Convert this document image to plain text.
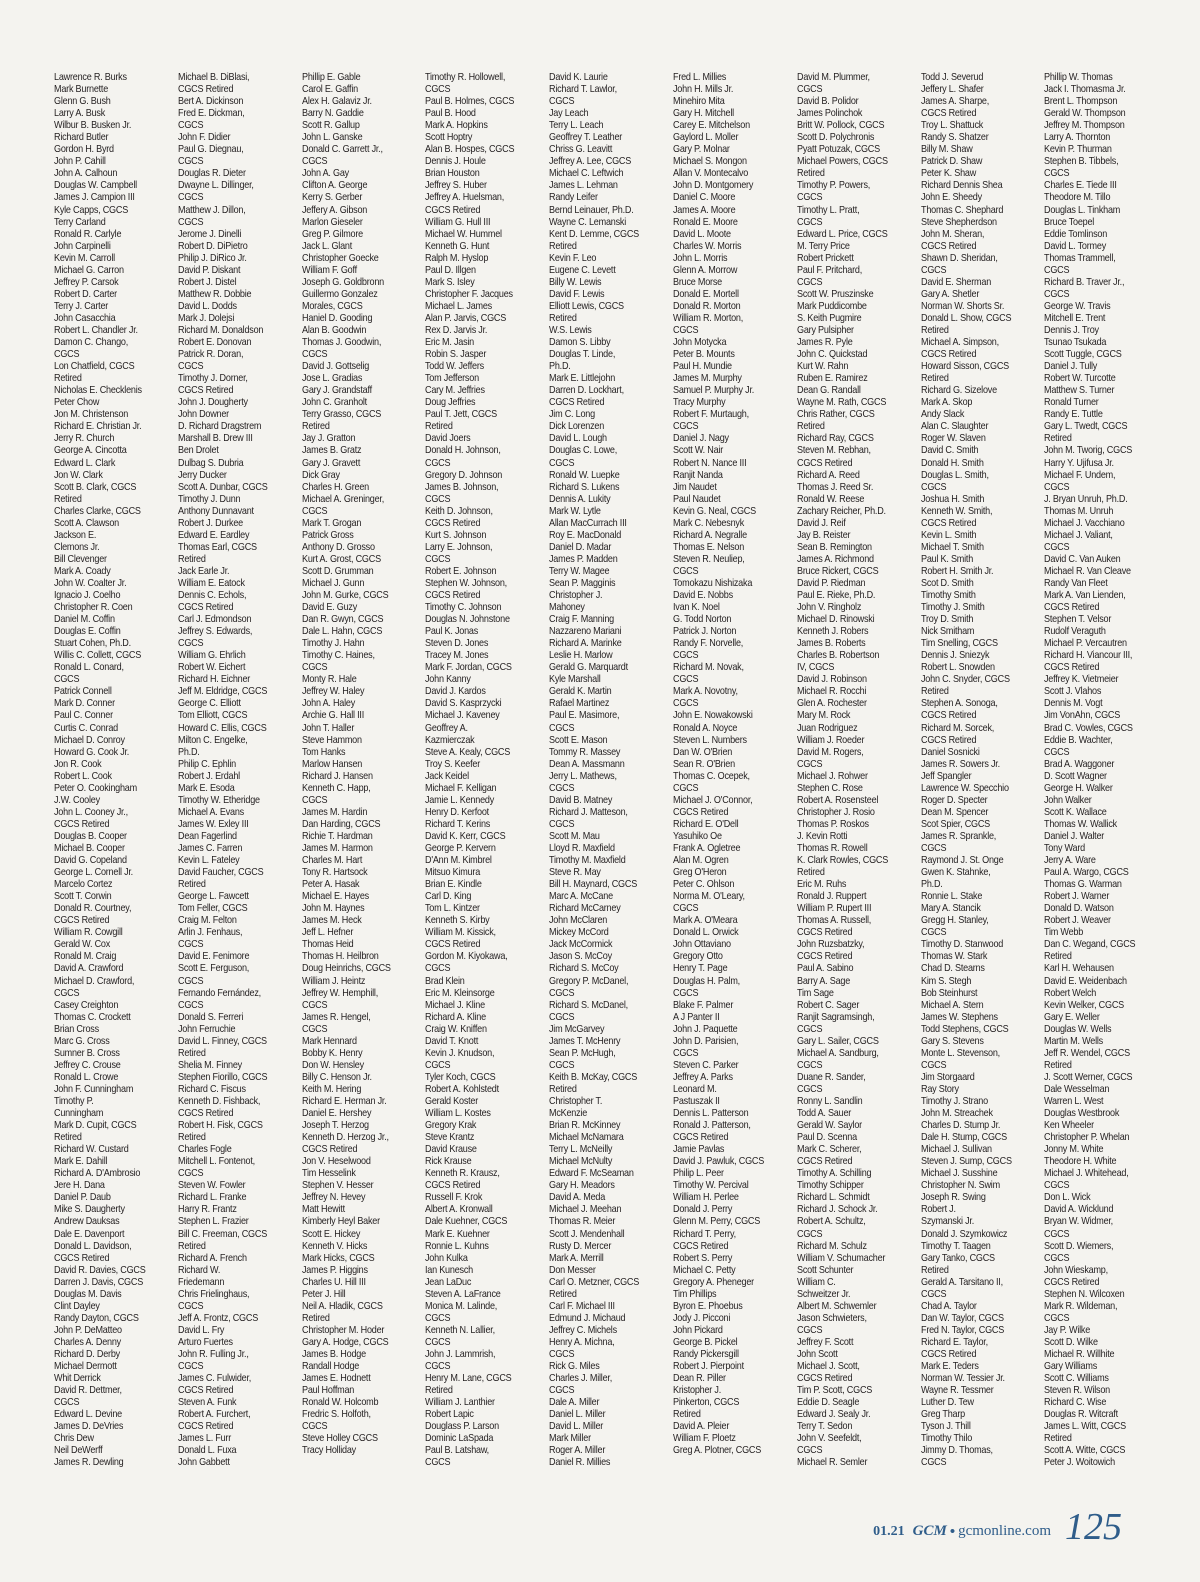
Lawrence R. Burks
Mark Burnette
Glenn G. Bush
Larry A. Busk
Wilbur B. Busken Jr.
Richard Butler
Gordon H. Byrd
John P. Cahill
John A. Calhoun
Douglas W. Campbell
James J. Campion III
Kyle Capps, CGCS
Terry Carland
Ronald R. Carlyle
John Carpinelli
Kevin M. Carroll
Michael G. Carron
Jeffrey P. Carsok
Robert D. Carter
Terry J. Carter
John Casacchia
Robert L. Chandler Jr.
Damon C. Chango,
CGCS
Lon Chatfield, CGCS
Retired
Nicholas E. Checklenis
Peter Chow
Jon M. Christenson
Richard E. Christian Jr.
Jerry R. Church
George A. Cincotta
Edward L. Clark
Jon W. Clark
Scott B. Clark, CGCS
Retired
Charles Clarke, CGCS
Scott A. Clawson
Jackson E.
Clemons Jr.
Bill Clevenger
Mark A. Coady
John W. Coalter Jr.
Ignacio J. Coelho
Christopher R. Coen
Daniel M. Coffin
Douglas E. Coffin
Stuart Cohen, Ph.D.
Willis C. Collett, CGCS
Ronald L. Conard,
CGCS
Patrick Connell
Mark D. Conner
Paul C. Conner
Curtis C. Conrad
Michael D. Conroy
Howard G. Cook Jr.
Jon R. Cook
Robert L. Cook
Peter O. Cookingham
J.W. Cooley
John L. Cooney Jr.,
CGCS Retired
Douglas B. Cooper
Michael B. Cooper
David G. Copeland
George L. Cornell Jr.
Marcelo Cortez
Scott T. Corwin
Donald R. Courtney,
CGCS Retired
William R. Cowgill
Gerald W. Cox
Ronald M. Craig
David A. Crawford
Michael D. Crawford,
CGCS
Casey Creighton
Thomas C. Crockett
Brian Cross
Marc G. Cross
Sumner B. Cross
Jeffrey C. Crouse
Ronald L. Crowe
John F. Cunningham
Timothy P.
Cunningham
Mark D. Cupit, CGCS
Retired
Richard W. Custard
Mark E. Dahill
Richard A. D'Ambrosio
Jere H. Dana
Daniel P. Daub
Mike S. Daugherty
Andrew Dauksas
Dale E. Davenport
Donald L. Davidson,
CGCS Retired
David R. Davies, CGCS
Darren J. Davis, CGCS
Douglas M. Davis
Clint Dayley
Randy Dayton, CGCS
John P. DeMatteo
Charles A. Denny
Richard D. Derby
Michael Dermott
Whit Derrick
David R. Dettmer,
CGCS
Edward L. Devine
James D. DeVries
Chris Dew
Neil DeWerff
James R. Dewling
Michael B. DiBlasi,
CGCS Retired
Bert A. Dickinson
Fred E. Dickman,
CGCS
John F. Didier
Paul G. Diegnau,
CGCS
Douglas R. Dieter
Dwayne L. Dillinger,
CGCS
Matthew J. Dillon,
CGCS
Jerome J. Dinelli
Robert D. DiPietro
Philip J. DiRico Jr.
David P. Diskant
Robert J. Distel
Matthew R. Dobbie
David L. Dodds
Mark J. Dolejsi
Richard M. Donaldson
Robert E. Donovan
Patrick R. Doran,
CGCS
Timothy J. Dorner,
CGCS Retired
John J. Dougherty
John Downer
D. Richard Dragstrem
Marshall B. Drew III
Ben Drolet
Dulbag S. Dubria
Jerry Ducker
Scott A. Dunbar, CGCS
Timothy J. Dunn
Anthony Dunnavant
Robert J. Durkee
Edward E. Eardley
Thomas Earl, CGCS
Retired
Jack Earle Jr.
William E. Eatock
Dennis C. Echols,
CGCS Retired
Carl J. Edmondson
Jeffrey S. Edwards,
CGCS
William G. Ehrlich
Robert W. Eichert
Richard H. Eichner
Jeff M. Eldridge, CGCS
George C. Elliott
Tom Elliott, CGCS
Howard C. Ellis, CGCS
Milton C. Engelke,
Ph.D.
Philip C. Ephlin
Robert J. Erdahl
Mark E. Esoda
Timothy W. Etheridge
Michael A. Evans
James W. Exley III
Dean Fagerlind
James C. Farren
Kevin L. Fateley
David Faucher, CGCS
Retired
George L. Fawcett
Tom Feller, CGCS
Craig M. Felton
Arlin J. Fenhaus,
CGCS
David E. Fenimore
Scott E. Ferguson,
CGCS
Fernando Fernández,
CGCS
Donald S. Ferreri
John Ferruchie
David L. Finney, CGCS
Retired
Shelia M. Finney
Stephen Fiorillo, CGCS
Richard C. Fiscus
Kenneth D. Fishback,
CGCS Retired
Robert H. Fisk, CGCS
Retired
Charles Fogle
Mitchell L. Fontenot,
CGCS
Steven W. Fowler
Richard L. Franke
Harry R. Frantz
Stephen L. Frazier
Bill C. Freeman, CGCS
Retired
Richard A. French
Richard W.
Friedemann
Chris Frielinghaus,
CGCS
Jeff A. Frontz, CGCS
David L. Fry
Arturo Fuertes
John R. Fulling Jr.,
CGCS
James C. Fulwider,
CGCS Retired
Steven A. Funk
Robert A. Furchert,
CGCS Retired
James L. Furr
Donald L. Fuxa
John Gabbett
Phillip E. Gable
Carol E. Gaffin
Alex H. Galaviz Jr.
Barry N. Gaddie
Scott R. Gallup
John L. Ganske
Donald C. Garrett Jr.,
CGCS
John A. Gay
Clifton A. George
Kerry S. Gerber
Jeffery A. Gibson
Marlon Gieseler
Greg P. Gilmore
Jack L. Glant
Christopher Goecke
William F. Goff
Joseph G. Goldbronn
Guillermo Gonzalez
Morales, CGCS
Haniel D. Gooding
Alan B. Goodwin
Thomas J. Goodwin,
CGCS
David J. Gottselig
Jose L. Gradias
Gary J. Grandstaff
John C. Granholt
Terry Grasso, CGCS
Retired
Jay J. Gratton
James B. Gratz
Gary J. Gravett
Dick Gray
Charles H. Green
Michael A. Greninger,
CGCS
Mark T. Grogan
Patrick Gross
Anthony D. Grosso
Kurt A. Grost, CGCS
Scott D. Grumman
Michael J. Gunn
John M. Gurke, CGCS
David E. Guzy
Dan R. Gwyn, CGCS
Dale L. Hahn, CGCS
Timothy J. Hahn
Timothy C. Haines,
CGCS
Monty R. Hale
Jeffrey W. Haley
John A. Haley
Archie G. Hall III
John T. Haller
Steve Hammon
Tom Hanks
Marlow Hansen
Richard J. Hansen
Kenneth C. Happ,
CGCS
James M. Hardin
Dan Harding, CGCS
Richie T. Hardman
James M. Harmon
Charles M. Hart
Tony R. Hartsock
Peter A. Hasak
Michael E. Hayes
John M. Haynes
James M. Heck
Jeff L. Hefner
Thomas Heid
Thomas H. Heilbron
Doug Heinrichs, CGCS
William J. Heintz
Jeffrey W. Hemphill,
CGCS
James R. Hengel,
CGCS
Mark Hennard
Bobby K. Henry
Don W. Hensley
Billy C. Henson Jr.
Keith M. Hering
Richard E. Herman Jr.
Daniel E. Hershey
Joseph T. Herzog
Kenneth D. Herzog Jr.,
CGCS Retired
Jon V. Heselwood
Tim Hesselink
Stephen V. Hesser
Jeffrey N. Hevey
Matt Hewitt
Kimberly Heyl Baker
Scott E. Hickey
Kenneth V. Hicks
Mark Hicks, CGCS
James P. Higgins
Charles U. Hill III
Peter J. Hill
Neil A. Hladik, CGCS
Retired
Christopher M. Hoder
Gary A. Hodge, CGCS
James B. Hodge
Randall Hodge
James E. Hodnett
Paul Hoffman
Ronald W. Holcomb
Fredric S. Holfoth,
CGCS
Steve Holley CGCS
Tracy Holliday
Timothy R. Hollowell,
CGCS
Paul B. Holmes, CGCS
Paul B. Hood
Mark A. Hopkins
Scott Hoptry
Alan B. Hospes, CGCS
Dennis J. Houle
Brian Houston
Jeffrey S. Huber
Jeffrey A. Huelsman,
CGCS Retired
William G. Hull III
Michael W. Hummel
Kenneth G. Hunt
Ralph M. Hyslop
Paul D. Illgen
Mark S. Isley
Christopher F. Jacques
Michael L. James
Alan P. Jarvis, CGCS
Rex D. Jarvis Jr.
Eric M. Jasin
Robin S. Jasper
Todd W. Jeffers
Tom Jefferson
Cary M. Jeffries
Doug Jeffries
Paul T. Jett, CGCS
Retired
David Joers
Donald H. Johnson,
CGCS
Gregory D. Johnson
James B. Johnson,
CGCS
Keith D. Johnson,
CGCS Retired
Kurt S. Johnson
Larry E. Johnson,
CGCS
Robert E. Johnson
Stephen W. Johnson,
CGCS Retired
Timothy C. Johnson
Douglas N. Johnstone
Paul K. Jonas
Steven D. Jones
Tracey M. Jones
Mark F. Jordan, CGCS
John Kanny
David J. Kardos
David S. Kasprzycki
Michael J. Kaveney
Geoffrey A.
Kazmierczak
Steve A. Kealy, CGCS
Troy S. Keefer
Jack Keidel
Michael F. Kelligan
Jamie L. Kennedy
Henry D. Kerfoot
Richard T. Kerins
David K. Kerr, CGCS
George P. Kervern
D'Ann M. Kimbrel
Mitsuo Kimura
Brian E. Kindle
Carl D. King
Tom L. Kintzer
Kenneth S. Kirby
William M. Kissick,
CGCS Retired
Gordon M. Kiyokawa,
CGCS
Brad Klein
Eric M. Kleinsorge
Michael J. Kline
Richard A. Kline
Craig W. Kniffen
David T. Knott
Kevin J. Knudson,
CGCS
Tyler Koch, CGCS
Robert A. Kohlstedt
Gerald Koster
William L. Kostes
Gregory Krak
Steve Krantz
David Krause
Rick Krause
Kenneth R. Krausz,
CGCS Retired
Russell F. Krok
Albert A. Kronwall
Dale Kuehner, CGCS
Mark E. Kuehner
Ronnie L. Kuhns
John Kulka
Ian Kunesch
Jean LaDuc
Steven A. LaFrance
Monica M. Lalinde,
CGCS
Kenneth N. Lallier,
CGCS
John J. Lammrish,
CGCS
Henry M. Lane, CGCS
Retired
William J. Lanthier
Robert Lapic
Douglass P. Larson
Dominic LaSpada
Paul B. Latshaw,
CGCS
David K. Laurie
Richard T. Lawlor,
CGCS
Jay Leach
Terry L. Leach
Geoffrey T. Leather
Chriss G. Leavitt
Jeffrey A. Lee, CGCS
Michael C. Leftwich
James L. Lehman
Randy Leifer
Bernd Leinauer, Ph.D.
Wayne C. Lemanski
Kent D. Lemme, CGCS
Retired
Kevin F. Leo
Eugene C. Levett
Billy W. Lewis
David F. Lewis
Elliott Lewis, CGCS
Retired
W.S. Lewis
Damon S. Libby
Douglas T. Linde,
Ph.D.
Mark E. Littlejohn
Darren D. Lockhart,
CGCS Retired
Jim C. Long
Dick Lorenzen
David L. Lough
Douglas C. Lowe,
CGCS
Ronald W. Luepke
Richard S. Lukens
Dennis A. Lukity
Mark W. Lytle
Allan MacCurrach III
Roy E. MacDonald
Daniel D. Madar
James P. Madden
Terry W. Magee
Sean P. Magginis
Christopher J.
Mahoney
Craig F. Manning
Nazzareno Mariani
Richard A. Marinke
Leslie H. Marlow
Gerald G. Marquardt
Kyle Marshall
Gerald K. Martin
Rafael Martinez
Paul E. Masimore,
CGCS
Scott E. Mason
Tommy R. Massey
Dean A. Massmann
Jerry L. Mathews,
CGCS
David B. Matney
Richard J. Matteson,
CGCS
Scott M. Mau
Lloyd R. Maxfield
Timothy M. Maxfield
Steve R. May
Bill H. Maynard, CGCS
Marc A. McCane
Richard McCarney
John McClaren
Mickey McCord
Jack McCormick
Jason S. McCoy
Richard S. McCoy
Gregory P. McDanel,
CGCS
Richard S. McDanel,
CGCS
Jim McGarvey
James T. McHenry
Sean P. McHugh,
CGCS
Keith B. McKay, CGCS
Retired
Christopher T.
McKenzie
Brian R. McKinney
Michael McNamara
Terry L. McNeilly
Michael McNulty
Edward F. McSeaman
Gary H. Meadors
David A. Meda
Michael J. Meehan
Thomas R. Meier
Scott J. Mendenhall
Rusty D. Mercer
Mark A. Merrill
Don Messer
Carl O. Metzner, CGCS
Retired
Carl F. Michael III
Edmund J. Michaud
Jeffrey C. Michels
Henry A. Michna,
CGCS
Rick G. Miles
Charles J. Miller,
CGCS
Dale A. Miller
Daniel L. Miller
David L. Miller
Mark Miller
Roger A. Miller
Daniel R. Millies
Fred L. Millies
John H. Mills Jr.
Minehiro Mita
Gary H. Mitchell
Carey E. Mitchelson
Gaylord L. Moller
Gary P. Molnar
Michael S. Mongon
Allan V. Montecalvo
John D. Montgomery
Daniel C. Moore
James A. Moore
Ronald E. Moore
David L. Moote
Charles W. Morris
John L. Morris
Glenn A. Morrow
Bruce Morse
Donald E. Mortell
Donald R. Morton
William R. Morton,
CGCS
John Motycka
Peter B. Mounts
Paul H. Mundie
James M. Murphy
Samuel P. Murphy Jr.
Tracy Murphy
Robert F. Murtaugh,
CGCS
Daniel J. Nagy
Scott W. Nair
Robert N. Nance III
Ranjit Nanda
Jim Naudet
Paul Naudet
Kevin G. Neal, CGCS
Mark C. Nebesnyk
Richard A. Negralle
Thomas E. Nelson
Steven R. Neuliep,
CGCS
Tomokazu Nishizaka
David E. Nobbs
Ivan K. Noel
G. Todd Norton
Patrick J. Norton
Randy F. Norvelle,
CGCS
Richard M. Novak,
CGCS
Mark A. Novotny,
CGCS
John E. Nowakowski
Ronald A. Noyce
Steven L. Numbers
Dan W. O'Brien
Sean R. O'Brien
Thomas C. Ocepek,
CGCS
Michael J. O'Connor,
CGCS Retired
Richard E. O'Dell
Yasuhiko Oe
Frank A. Ogletree
Alan M. Ogren
Greg O'Heron
Peter C. Ohlson
Norma M. O'Leary,
CGCS
Mark A. O'Meara
Donald L. Orwick
John Ottaviano
Gregory Otto
Henry T. Page
Douglas H. Palm,
CGCS
Blake F. Palmer
A J Panter II
John J. Paquette
John D. Parisien,
CGCS
Steven C. Parker
Jeffrey A. Parks
Leonard M.
Pastuszak II
Dennis L. Patterson
Ronald J. Patterson,
CGCS Retired
Jamie Pavlas
David J. Pawluk, CGCS
Philip L. Peer
Timothy W. Percival
William H. Perlee
Donald J. Perry
Glenn M. Perry, CGCS
Richard T. Perry,
CGCS Retired
Robert S. Perry
Michael C. Petty
Gregory A. Pheneger
Tim Phillips
Byron E. Phoebus
Jody J. Picconi
John Pickard
George B. Pickel
Randy Pickersgill
Robert J. Pierpoint
Dean R. Piller
Kristopher J.
Pinkerton, CGCS
Retired
David A. Pleier
William F. Ploetz
Greg A. Plotner, CGCS
David M. Plummer,
CGCS
David B. Polidor
James Polinchok
Britt W. Pollock, CGCS
Scott D. Polychronis
Pyatt Potuzak, CGCS
Michael Powers, CGCS
Retired
Timothy P. Powers,
CGCS
Timothy L. Pratt,
CGCS
Edward L. Price, CGCS
M. Terry Price
Robert Prickett
Paul F. Pritchard,
CGCS
Scott W. Pruszinske
Mark Puddicombe
S. Keith Pugmire
Gary Pulsipher
James R. Pyle
John C. Quickstad
Kurt W. Rahn
Ruben E. Ramirez
Dean G. Randall
Wayne M. Rath, CGCS
Chris Rather, CGCS
Retired
Richard Ray, CGCS
Steven M. Rebhan,
CGCS Retired
Richard A. Reed
Thomas J. Reed Sr.
Ronald W. Reese
Zachary Reicher, Ph.D.
David J. Reif
Jay B. Reister
Sean B. Remington
James A. Richmond
Bruce Rickert, CGCS
David P. Riedman
Paul E. Rieke, Ph.D.
John V. Ringholz
Michael D. Rinowski
Kenneth J. Robers
James B. Roberts
Charles B. Robertson
IV, CGCS
David J. Robinson
Michael R. Rocchi
Glen A. Rochester
Mary M. Rock
Juan Rodriguez
William J. Roeder
David M. Rogers,
CGCS
Michael J. Rohwer
Stephen C. Rose
Robert A. Rosensteel
Christopher J. Rosio
Thomas P. Roskos
J. Kevin Rotti
Thomas R. Rowell
K. Clark Rowles, CGCS
Retired
Eric M. Ruhs
Ronald J. Ruppert
William P. Rupert III
Thomas A. Russell,
CGCS Retired
John Ruzsbatzky,
CGCS Retired
Paul A. Sabino
Barry A. Sage
Tim Sage
Robert C. Sager
Ranjit Sagramsingh,
CGCS
Gary L. Sailer, CGCS
Michael A. Sandburg,
CGCS
Duane R. Sander,
CGCS
Ronny L. Sandlin
Todd A. Sauer
Gerald W. Saylor
Paul D. Scenna
Mark C. Scherer,
CGCS Retired
Timothy A. Schilling
Timothy Schipper
Richard L. Schmidt
Richard J. Schock Jr.
Robert A. Schultz,
CGCS
Richard M. Schulz
William V. Schumacher
Scott Schunter
William C.
Schweitzer Jr.
Albert M. Schwemler
Jason Schwieters,
CGCS
Jeffrey F. Scott
John Scott
Michael J. Scott,
CGCS Retired
Tim P. Scott, CGCS
Eddie D. Seagle
Edward J. Sealy Jr.
Terry T. Sedon
John V. Seefeldt,
CGCS
Michael R. Semler
Todd J. Severud
Jeffery L. Shafer
James A. Sharpe,
CGCS Retired
Troy L. Shattuck
Randy S. Shatzer
Billy M. Shaw
Patrick D. Shaw
Peter K. Shaw
Richard Dennis Shea
John E. Sheedy
Thomas C. Shephard
Steve Shepherdson
John M. Sheran,
CGCS Retired
Shawn D. Sheridan,
CGCS
David E. Sherman
Gary A. Shetler
Norman W. Shorts Sr.
Donald L. Show, CGCS
Retired
Michael A. Simpson,
CGCS Retired
Howard Sisson, CGCS
Retired
Richard G. Sizelove
Mark A. Skop
Andy Slack
Alan C. Slaughter
Roger W. Slaven
David C. Smith
Donald H. Smith
Douglas L. Smith,
CGCS
Joshua H. Smith
Kenneth W. Smith,
CGCS Retired
Kevin L. Smith
Michael T. Smith
Paul K. Smith
Robert H. Smith Jr.
Scot D. Smith
Timothy Smith
Timothy J. Smith
Troy D. Smith
Nick Smitham
Tim Snelling, CGCS
Dennis J. Sniezyk
Robert L. Snowden
John C. Snyder, CGCS
Retired
Stephen A. Sonoga,
CGCS Retired
Richard M. Sorcek,
CGCS Retired
Daniel Sosnicki
James R. Sowers Jr.
Jeff Spangler
Lawrence W. Specchio
Roger D. Specter
Dean M. Spencer
Scot Spier, CGCS
James R. Sprankle,
CGCS
Raymond J. St. Onge
Gwen K. Stahnke,
Ph.D.
Ronnie L. Stake
Mary A. Stancik
Gregg H. Stanley,
CGCS
Timothy D. Stanwood
Thomas W. Stark
Chad D. Stearns
Kim S. Stegh
Bob Steinhurst
Michael A. Stern
James W. Stephens
Todd Stephens, CGCS
Gary S. Stevens
Monte L. Stevenson,
CGCS
Jim Storgaard
Ray Story
Timothy J. Strano
John M. Streachek
Charles D. Stump Jr.
Dale H. Stump, CGCS
Michael J. Sullivan
Steven J. Sump, CGCS
Michael J. Susshine
Christopher N. Swim
Joseph R. Swing
Robert J.
Szymanski Jr.
Donald J. Szymkowicz
Timothy T. Taagen
Gary Tanko, CGCS
Retired
Gerald A. Tarsitano II,
CGCS
Chad A. Taylor
Dan W. Taylor, CGCS
Fred N. Taylor, CGCS
Richard E. Taylor,
CGCS Retired
Mark E. Teders
Norman W. Tessier Jr.
Wayne R. Tessmer
Luther D. Tew
Greg Tharp
Tyson J. Thill
Timothy Thilo
Jimmy D. Thomas,
CGCS
Phillip W. Thomas
Jack I. Thomasma Jr.
Brent L. Thompson
Gerald W. Thompson
Jeffrey M. Thompson
Larry A. Thornton
Kevin P. Thurman
Stephen B. Tibbels,
CGCS
Charles E. Tiede III
Theodore M. Tillo
Douglas L. Tinkham
Bruce Toepel
Eddie Tomlinson
David L. Tormey
Thomas Trammell,
CGCS
Richard B. Traver Jr.,
CGCS
George W. Travis
Mitchell E. Trent
Dennis J. Troy
Tsunao Tsukada
Scott Tuggle, CGCS
Daniel J. Tully
Robert W. Turcotte
Matthew S. Turner
Ronald Turner
Randy E. Tuttle
Gary L. Twedt, CGCS
Retired
John M. Tworig, CGCS
Harry Y. Ujifusa Jr.
Michael F. Undem,
CGCS
J. Bryan Unruh, Ph.D.
Thomas M. Unruh
Michael J. Vacchiano
Michael J. Valiant,
CGCS
David C. Van Auken
Michael R. Van Cleave
Randy Van Fleet
Mark A. Van Lienden,
CGCS Retired
Stephen T. Velsor
Rudolf Veraguth
Michael P. Vercautren
Richard H. Viancour III,
CGCS Retired
Jeffrey K. Vietmeier
Scott J. Vlahos
Dennis M. Vogt
Jim VonAhn, CGCS
Brad C. Vowles, CGCS
Eddie B. Wachter,
CGCS
Brad A. Waggoner
D. Scott Wagner
George H. Walker
John Walker
Scott K. Wallace
Thomas W. Wallick
Daniel J. Walter
Tony Ward
Jerry A. Ware
Paul A. Wargo, CGCS
Thomas G. Warman
Robert J. Warner
Donald D. Watson
Robert J. Weaver
Tim Webb
Dan C. Wegand, CGCS
Retired
Karl H. Wehausen
David E. Weidenbach
Robert Welch
Kevin Welker, CGCS
Gary E. Weller
Douglas W. Wells
Martin M. Wells
Jeff R. Wendel, CGCS
Retired
J. Scott Werner, CGCS
Dale Wesselman
Warren L. West
Douglas Westbrook
Ken Wheeler
Christopher P. Whelan
Jonny M. White
Theodore H. White
Michael J. Whitehead,
CGCS
Don L. Wick
David A. Wicklund
Bryan W. Widmer,
CGCS
Scott D. Wiemers,
CGCS
John Wieskamp,
CGCS Retired
Stephen N. Wilcoxen
Mark R. Wildeman,
CGCS
Jay P. Wilke
Scott D. Wilke
Michael R. Willhite
Gary Williams
Scott C. Williams
Steven R. Wilson
Richard C. Wise
Douglas R. Witcraft
James L. Witt, CGCS
Retired
Scott A. Witte, CGCS
Peter J. Woitowich
01.21 GCM • gcmonline.com 125
